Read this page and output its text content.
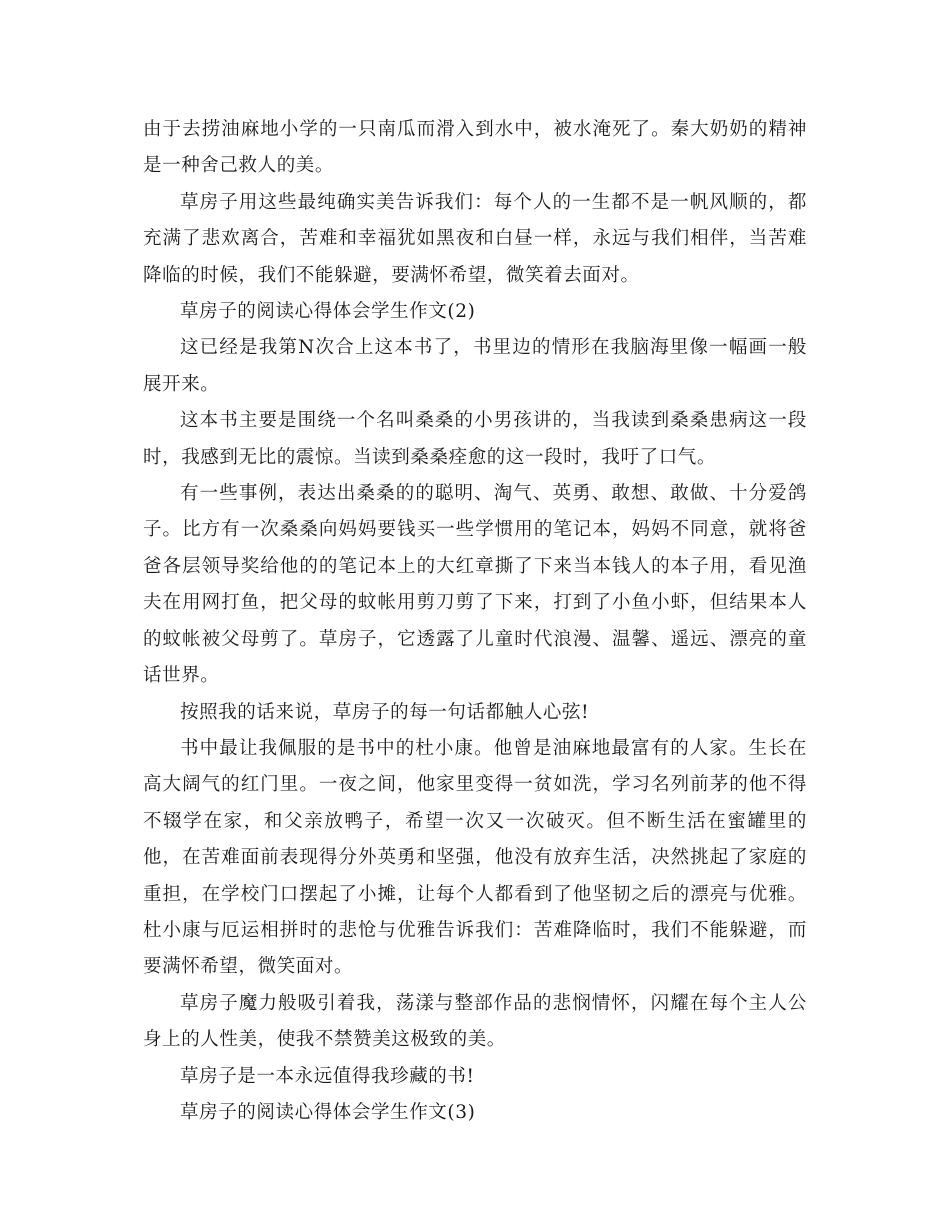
由于去捞油麻地小学的一只南瓜而滑入到水中，被水淹死了。秦大奶奶的精神是一种舍己救人的美。

草房子用这些最纯确实美告诉我们：每个人的一生都不是一帆风顺的，都充满了悲欢离合，苦难和幸福犹如黑夜和白昼一样，永远与我们相伴，当苦难降临的时候，我们不能躲避，要满怀希望，微笑着去面对。

草房子的阅读心得体会学生作文(2)

这已经是我第N次合上这本书了，书里边的情形在我脑海里像一幅画一般展开来。

这本书主要是围绕一个名叫桑桑的小男孩讲的，当我读到桑桑患病这一段时，我感到无比的震惊。当读到桑桑痊愈的这一段时，我吁了口气。

有一些事例，表达出桑桑的的聪明、淘气、英勇、敢想、敢做、十分爱鸽子。比方有一次桑桑向妈妈要钱买一些学惯用的笔记本，妈妈不同意，就将爸爸各层领导奖给他的的笔记本上的大红章撕了下来当本钱人的本子用，看见渔夫在用网打鱼，把父母的蚊帐用剪刀剪了下来，打到了小鱼小虾，但结果本人的蚊帐被父母剪了。草房子，它透露了儿童时代浪漫、温馨、遥远、漂亮的童话世界。

按照我的话来说，草房子的每一句话都触人心弦!

书中最让我佩服的是书中的杜小康。他曾是油麻地最富有的人家。生长在高大阔气的红门里。一夜之间，他家里变得一贫如洗，学习名列前茅的他不得不辍学在家，和父亲放鸭子，希望一次又一次破灭。但不断生活在蜜罐里的他，在苦难面前表现得分外英勇和坚强，他没有放弃生活，决然挑起了家庭的重担，在学校门口摆起了小摊，让每个人都看到了他坚韧之后的漂亮与优雅。杜小康与厄运相拼时的悲怆与优雅告诉我们：苦难降临时，我们不能躲避，而要满怀希望，微笑面对。

草房子魔力般吸引着我，荡漾与整部作品的悲悯情怀，闪耀在每个主人公身上的人性美，使我不禁赞美这极致的美。

草房子是一本永远值得我珍藏的书!

草房子的阅读心得体会学生作文(3)
